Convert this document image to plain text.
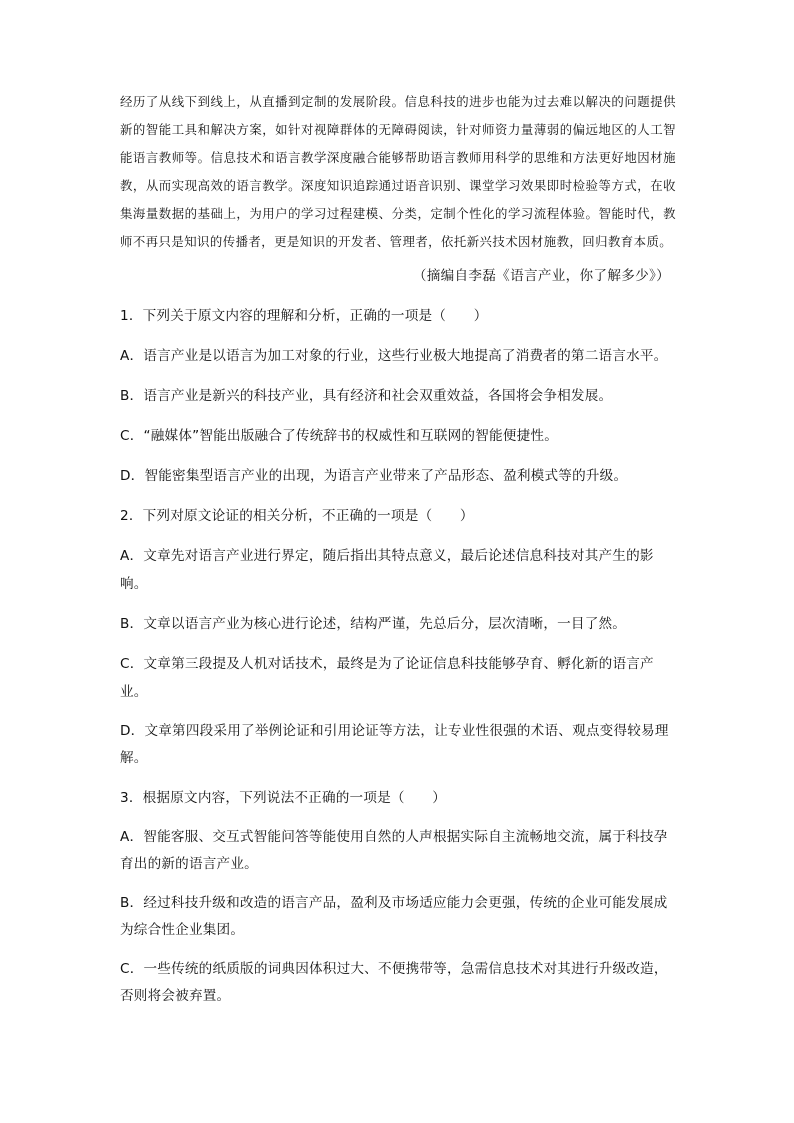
经历了从线下到线上，从直播到定制的发展阶段。信息科技的进步也能为过去难以解决的问题提供新的智能工具和解决方案，如针对视障群体的无障碍阅读，针对师资力量薄弱的偏远地区的人工智能语言教师等。信息技术和语言教学深度融合能够帮助语言教师用科学的思维和方法更好地因材施教，从而实现高效的语言教学。深度知识追踪通过语音识别、课堂学习效果即时检验等方式，在收集海量数据的基础上，为用户的学习过程建模、分类，定制个性化的学习流程体验。智能时代，教师不再只是知识的传播者，更是知识的开发者、管理者，依托新兴技术因材施教，回归教育本质。

（摘编自李磊《语言产业，你了解多少》）

1．下列关于原文内容的理解和分析，正确的一项是（　　）

A．语言产业是以语言为加工对象的行业，这些行业极大地提高了消费者的第二语言水平。

B．语言产业是新兴的科技产业，具有经济和社会双重效益，各国将会争相发展。

C．“融媒体”智能出版融合了传统辞书的权威性和互联网的智能便捷性。

D．智能密集型语言产业的出现，为语言产业带来了产品形态、盈利模式等的升级。

2．下列对原文论证的相关分析，不正确的一项是（　　）

A．文章先对语言产业进行界定，随后指出其特点意义，最后论述信息科技对其产生的影响。

B．文章以语言产业为核心进行论述，结构严谨，先总后分，层次清晰，一目了然。

C．文章第三段提及人机对话技术，最终是为了论证信息科技能够孕育、孵化新的语言产业。

D．文章第四段采用了举例论证和引用论证等方法，让专业性很强的术语、观点变得较易理解。

3．根据原文内容，下列说法不正确的一项是（　　）

A．智能客服、交互式智能问答等能使用自然的人声根据实际自主流畅地交流，属于科技孕育出的新的语言产业。

B．经过科技升级和改造的语言产品，盈利及市场适应能力会更强，传统的企业可能发展成为综合性企业集团。

C．一些传统的纸质版的词典因体积过大、不便携带等，急需信息技术对其进行升级改造，否则将会被弃置。
